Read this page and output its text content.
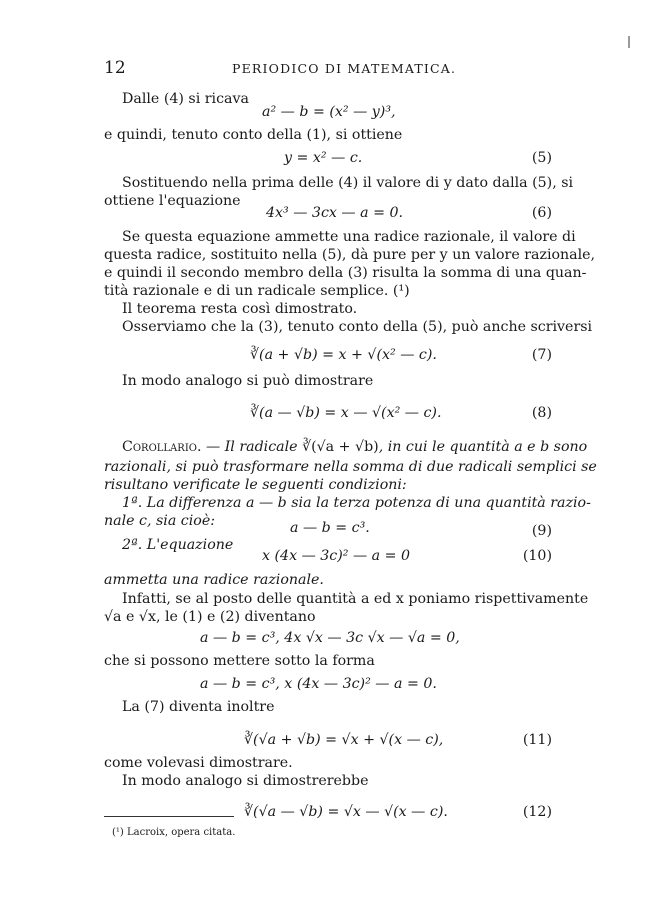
12	PERIODICO DI MATEMATICA.
Dalle (4) si ricava
a² — b = (x² — y)³,
e quindi, tenuto conto della (1), si ottiene
y = x² — c.	(5)
Sostituendo nella prima delle (4) il valore di y dato dalla (5), si
ottiene l'equazione
4x³ — 3cx — a = 0.	(6)
Se questa equazione ammette una radice razionale, il valore di
questa radice, sostituito nella (5), dà pure per y un valore razionale,
e quindi il secondo membro della (3) risulta la somma di una quan-
tità razionale e di un radicale semplice. (¹)
Il teorema resta così dimostrato.
Osserviamo che la (3), tenuto conto della (5), può anche scriversi
∛(a + √b) = x + √(x² — c).	(7)
In modo analogo si può dimostrare
∛(a — √b) = x — √(x² — c).	(8)
Corollario. — Il radicale ∛(√a + √b), in cui le quantità a e b sono
razionali, si può trasformare nella somma di due radicali semplici se
risultano verificate le seguenti condizioni:
1ª. La differenza a — b sia la terza potenza di una quantità razio-
nale c, sia cioè:	a — b = c³.	(9)
2ª. L'equazione
x (4x — 3c)² — a = 0	(10)
ammetta una radice razionale.
Infatti, se al posto delle quantità a ed x poniamo rispettivamente
√a e √x, le (1) e (2) diventano
a — b = c³, 4x √x — 3c √x — √a = 0,
che si possono mettere sotto la forma
a — b = c³, x (4x — 3c)² — a = 0.
La (7) diventa inoltre
∛(√a + √b) = √x + √(x — c),	(11)
come volevasi dimostrare.
In modo analogo si dimostrerebbe
∛(√a — √b) = √x — √(x — c).	(12)
(¹) Lacroix, opera citata.
